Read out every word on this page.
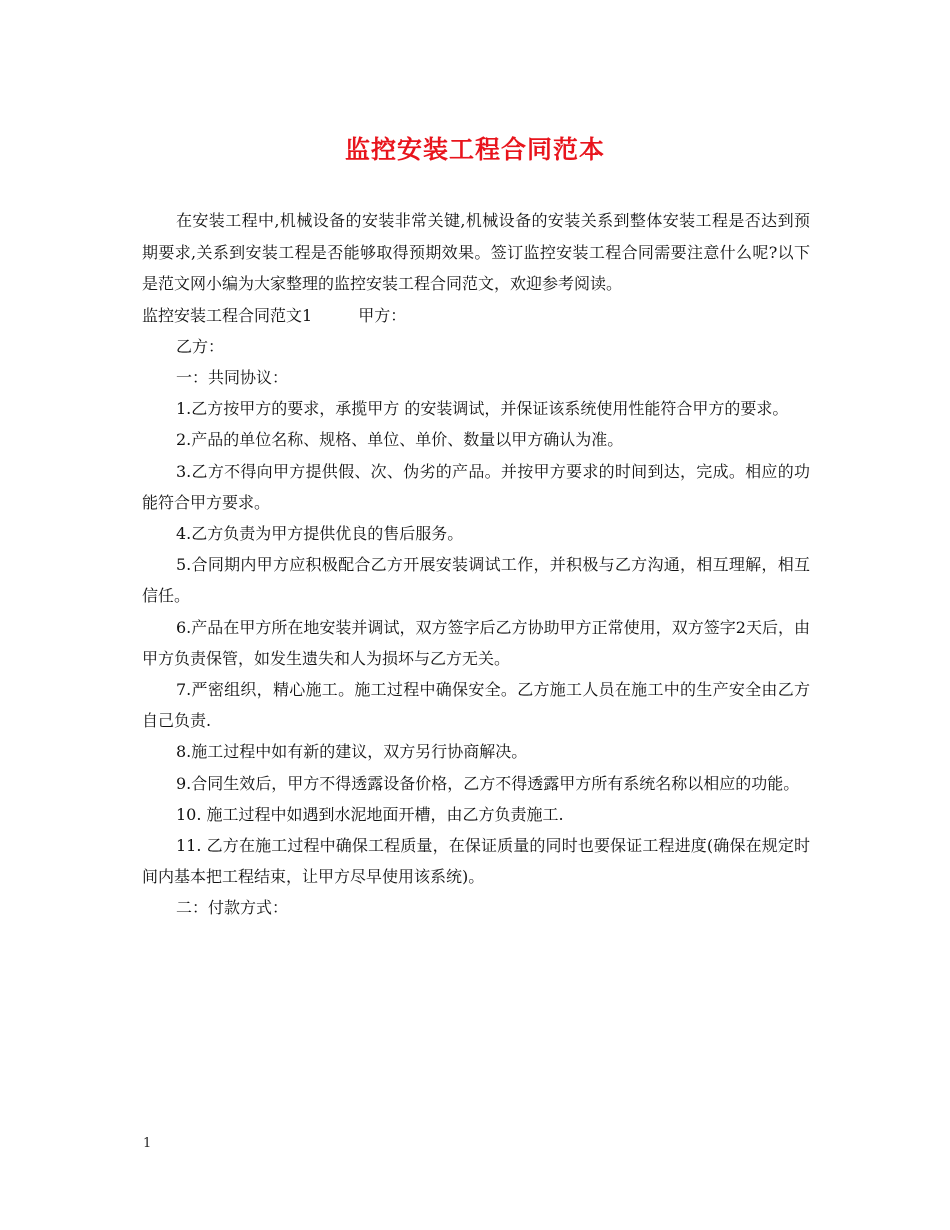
监控安装工程合同范本

在安装工程中,机械设备的安装非常关键,机械设备的安装关系到整体安装工程是否达到预期要求,关系到安装工程是否能够取得预期效果。签订监控安装工程合同需要注意什么呢?以下是范文网小编为大家整理的监控安装工程合同范文，欢迎参考阅读。

监控安装工程合同范文1	甲方：

乙方：

一：共同协议：

1.乙方按甲方的要求，承揽甲方 的安装调试，并保证该系统使用性能符合甲方的要求。

2.产品的单位名称、规格、单位、单价、数量以甲方确认为准。

3.乙方不得向甲方提供假、次、伪劣的产品。并按甲方要求的时间到达，完成。相应的功能符合甲方要求。

4.乙方负责为甲方提供优良的售后服务。

5.合同期内甲方应积极配合乙方开展安装调试工作，并积极与乙方沟通，相互理解，相互信任。

6.产品在甲方所在地安装并调试，双方签字后乙方协助甲方正常使用，双方签字2天后，由甲方负责保管，如发生遗失和人为损坏与乙方无关。

7.严密组织，精心施工。施工过程中确保安全。乙方施工人员在施工中的生产安全由乙方自己负责.

8.施工过程中如有新的建议，双方另行协商解决。

9.合同生效后，甲方不得透露设备价格，乙方不得透露甲方所有系统名称以相应的功能。

10. 施工过程中如遇到水泥地面开槽，由乙方负责施工.

11. 乙方在施工过程中确保工程质量，在保证质量的同时也要保证工程进度(确保在规定时间内基本把工程结束，让甲方尽早使用该系统)。

二：付款方式：

1
